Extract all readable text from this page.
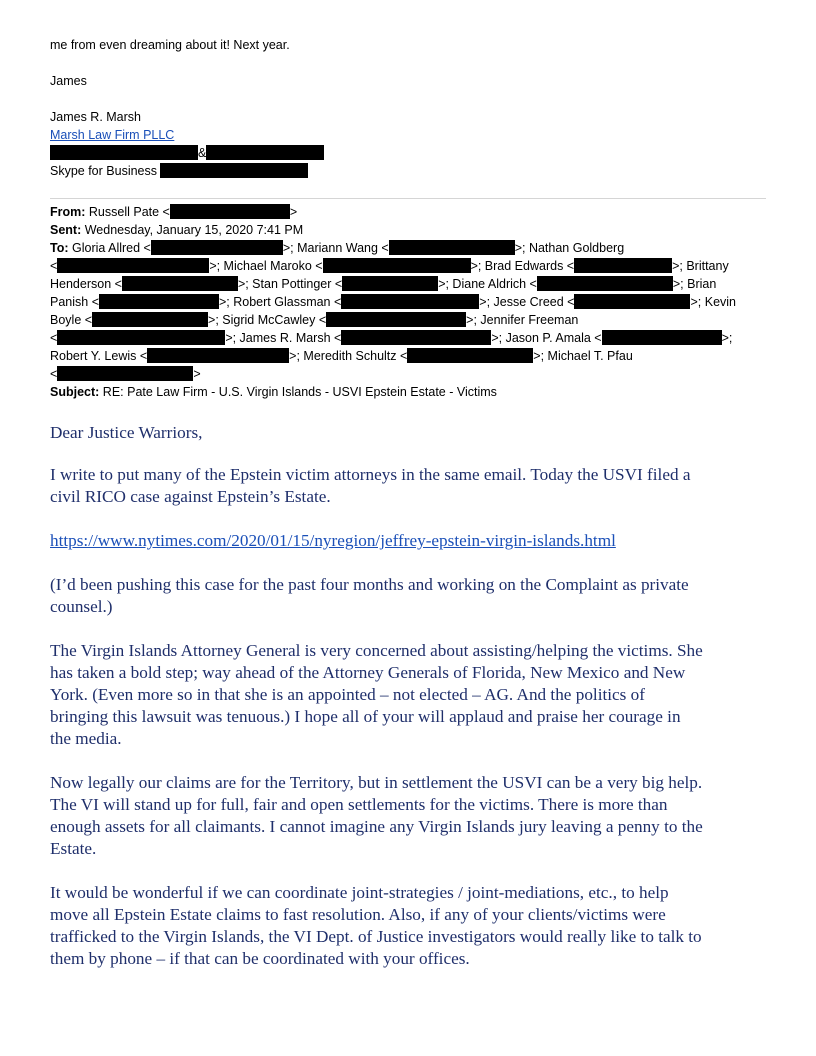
me from even dreaming about it! Next year.
James
James R. Marsh
Marsh Law Firm PLLC
&
Skype for Business
From: Russell Pate <	>
Sent: Wednesday, January 15, 2020 7:41 PM
To: Gloria Allred <	>; Mariann Wang <	>; Nathan Goldberg
<	>; Michael Maroko <	>; Brad Edwards <	>; Brittany
Henderson <	>; Stan Pottinger <	>; Diane Aldrich <	>; Brian
Panish <	>; Robert Glassman <	>; Jesse Creed <	>; Kevin
Boyle <	>; Sigrid McCawley <	>; Jennifer Freeman
<	>; James R. Marsh <	>; Jason P. Amala <	>;
Robert Y. Lewis <	>; Meredith Schultz <	>; Michael T. Pfau
<	>
Subject: RE: Pate Law Firm - U.S. Virgin Islands - USVI Epstein Estate - Victims
Dear Justice Warriors,
I write to put many of the Epstein victim attorneys in the same email. Today the USVI filed a
civil RICO case against Epstein’s Estate.
https://www.nytimes.com/2020/01/15/nyregion/jeffrey-epstein-virgin-islands.html
(I’d been pushing this case for the past four months and working on the Complaint as private
counsel.)
The Virgin Islands Attorney General is very concerned about assisting/helping the victims. She
has taken a bold step; way ahead of the Attorney Generals of Florida, New Mexico and New
York. (Even more so in that she is an appointed – not elected – AG. And the politics of
bringing this lawsuit was tenuous.) I hope all of your will applaud and praise her courage in
the media.
Now legally our claims are for the Territory, but in settlement the USVI can be a very big help.
The VI will stand up for full, fair and open settlements for the victims. There is more than
enough assets for all claimants. I cannot imagine any Virgin Islands jury leaving a penny to the
Estate.
It would be wonderful if we can coordinate joint-strategies / joint-mediations, etc., to help
move all Epstein Estate claims to fast resolution. Also, if any of your clients/victims were
trafficked to the Virgin Islands, the VI Dept. of Justice investigators would really like to talk to
them by phone – if that can be coordinated with your offices.
